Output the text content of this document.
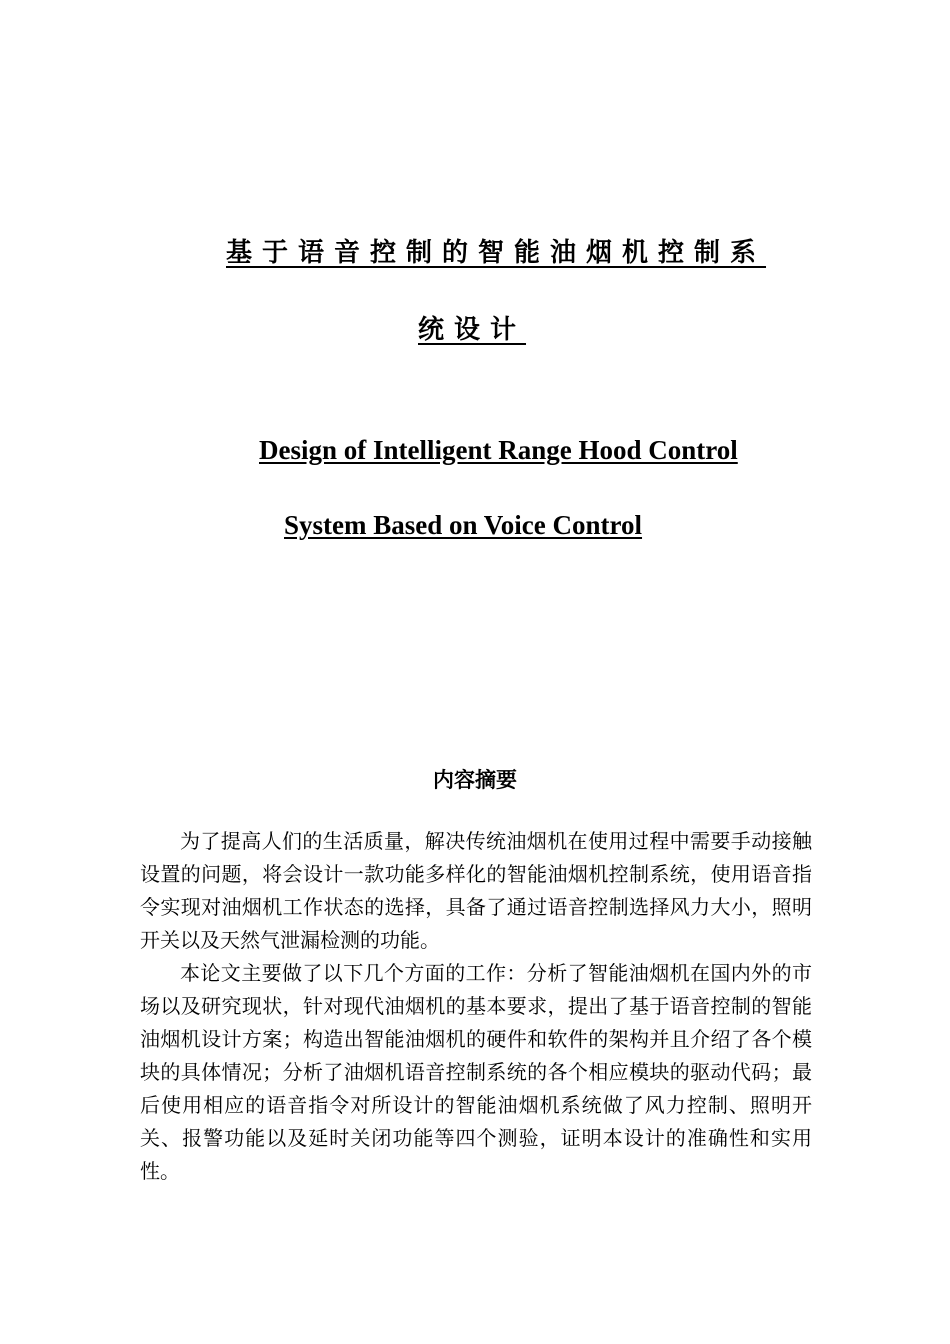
基于语音控制的智能油烟机控制系
统设计
Design of Intelligent Range Hood Control
System Based on Voice Control
内容摘要

为了提高人们的生活质量，解决传统油烟机在使用过程中需要手动接触设置的问题，将会设计一款功能多样化的智能油烟机控制系统，使用语音指令实现对油烟机工作状态的选择，具备了通过语音控制选择风力大小，照明开关以及天然气泄漏检测的功能。

本论文主要做了以下几个方面的工作：分析了智能油烟机在国内外的市场以及研究现状，针对现代油烟机的基本要求，提出了基于语音控制的智能油烟机设计方案；构造出智能油烟机的硬件和软件的架构并且介绍了各个模块的具体情况；分析了油烟机语音控制系统的各个相应模块的驱动代码；最后使用相应的语音指令对所设计的智能油烟机系统做了风力控制、照明开关、报警功能以及延时关闭功能等四个测验，证明本设计的准确性和实用性。
